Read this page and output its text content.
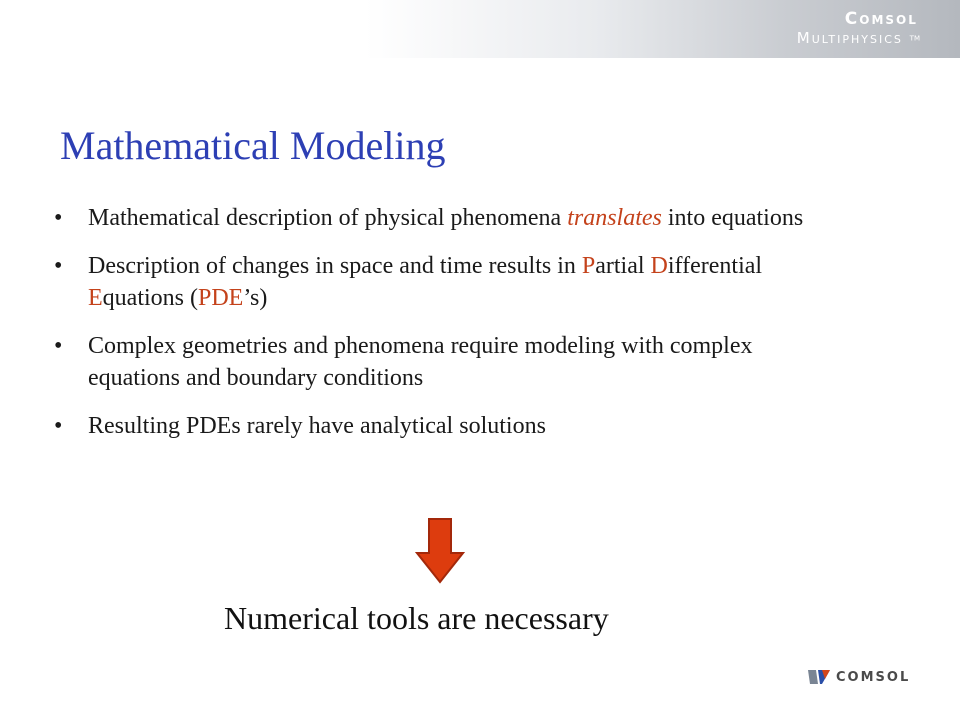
Comsol
Multiphysics TM
Mathematical Modeling
• Mathematical description of physical phenomena translates into equations
• Description of changes in space and time results in Partial Differential Equations (PDE’s)
• Complex geometries and phenomena require modeling with complex equations and boundary conditions
• Resulting PDEs rarely have analytical solutions
Numerical tools are necessary
COMSOL
